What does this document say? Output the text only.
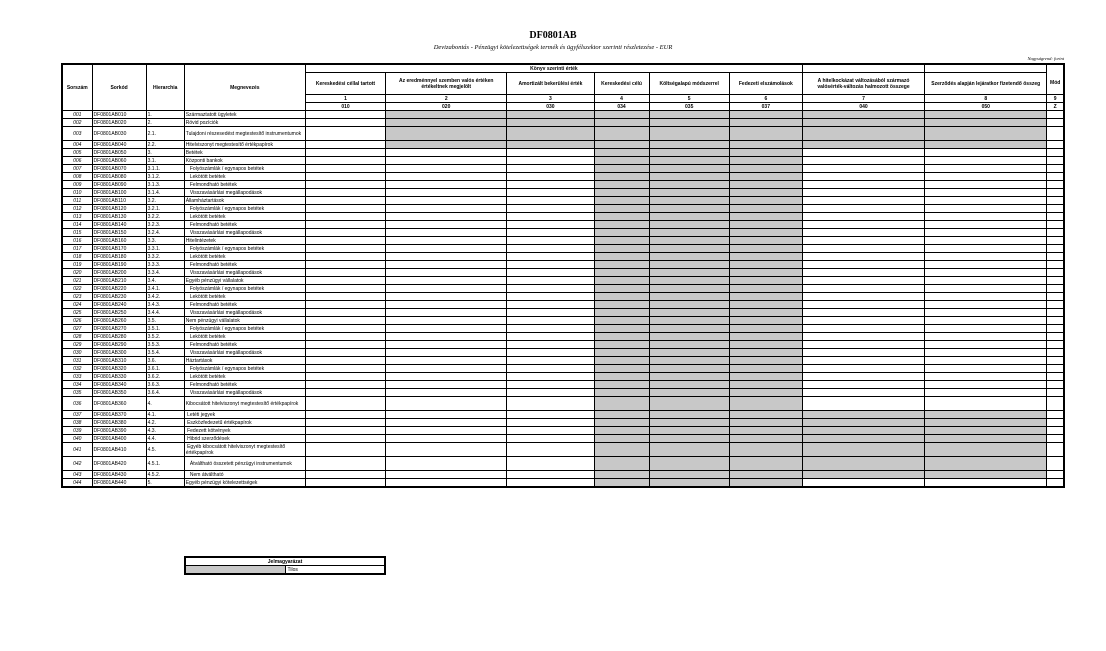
DF0801AB
Devizabontás - Pénzügyi kötelezettségek termék és ügyfélszektor szerinti részletezése - EUR
Nagyságrend: forint
Sorszám	Sorkód	Hierarchia	Megnevezés	Könyv szerinti érték								
				Kereskedési céllal tartott	Az eredménnyel szemben valós értéken értékeltnek megjelölt	Amortizált bekerülési érték	Kereskedési célú	Költségalapú módszerrel	Fedezeti elszámolások	A hitelkockázat változásából származó valósérték-változás halmozott összege	Szerződés alapján lejáratkor fizetendő összeg	Mód
				1	2	3	4	5	6	7	8	9
				010	020	030	034	035	037	040	050	Z
001	DF0801AB010	1.	Származtatott ügyletek									
002	DF0801AB020	2.	Rövid pozíciók									
003	DF0801AB030	2.1.	Tulajdoni részesedést megtestesítő instrumentumok									
004	DF0801AB040	2.2.	Hitelviszonyt megtestesítő értékpapírok									
005	DF0801AB050	3.	Betétek									
006	DF0801AB060	3.1.	Központi bankok									
007	DF0801AB070	3.1.1.	Folyószámlák / egynapos betétek									
008	DF0801AB080	3.1.2.	Lekötött betétek									
009	DF0801AB090	3.1.3.	Felmondható betétek									
010	DF0801AB100	3.1.4.	Visszavásárlási megállapodások									
011	DF0801AB110	3.2.	Államháztartások									
012	DF0801AB120	3.2.1.	Folyószámlák / egynapos betétek									
013	DF0801AB130	3.2.2.	Lekötött betétek									
014	DF0801AB140	3.2.3.	Felmondható betétek									
015	DF0801AB150	3.2.4.	Visszavásárlási megállapodások									
016	DF0801AB160	3.3.	Hitelintézetek									
017	DF0801AB170	3.3.1.	Folyószámlák / egynapos betétek									
018	DF0801AB180	3.3.2.	Lekötött betétek									
019	DF0801AB190	3.3.3.	Felmondható betétek									
020	DF0801AB200	3.3.4.	Visszavásárlási megállapodások									
021	DF0801AB210	3.4.	Egyéb pénzügyi vállalatok									
022	DF0801AB220	3.4.1.	Folyószámlák / egynapos betétek									
023	DF0801AB230	3.4.2.	Lekötött betétek									
024	DF0801AB240	3.4.3.	Felmondható betétek									
025	DF0801AB250	3.4.4.	Visszavásárlási megállapodások									
026	DF0801AB260	3.5.	Nem pénzügyi vállalatok									
027	DF0801AB270	3.5.1.	Folyószámlák / egynapos betétek									
028	DF0801AB280	3.5.2.	Lekötött betétek									
029	DF0801AB290	3.5.3.	Felmondható betétek									
030	DF0801AB300	3.5.4.	Visszavásárlási megállapodások									
031	DF0801AB310	3.6.	Háztartások									
032	DF0801AB320	3.6.1.	Folyószámlák / egynapos betétek									
033	DF0801AB330	3.6.2.	Lekötött betétek									
034	DF0801AB340	3.6.3.	Felmondható betétek									
035	DF0801AB350	3.6.4.	Visszavásárlási megállapodások									
036	DF0801AB360	4.	Kibocsátott hitelviszonyt megtestesítő értékpapírok									
037	DF0801AB370	4.1.	Letéti jegyek									
038	DF0801AB380	4.2.	Eszközfedezetű értékpapírok									
039	DF0801AB390	4.3.	Fedezett kötvények									
040	DF0801AB400	4.4.	Hibrid szerződések									
041	DF0801AB410	4.5.	Egyéb kibocsátott hitelviszonyt megtestesítő értékpapírok									
042	DF0801AB420	4.5.1.	Átváltható összetett pénzügyi instrumentumok									
043	DF0801AB430	4.5.2.	Nem átváltható									
044	DF0801AB440	5.	Egyéb pénzügyi kötelezettségek									
Jelmagyarázat
	Tilos
